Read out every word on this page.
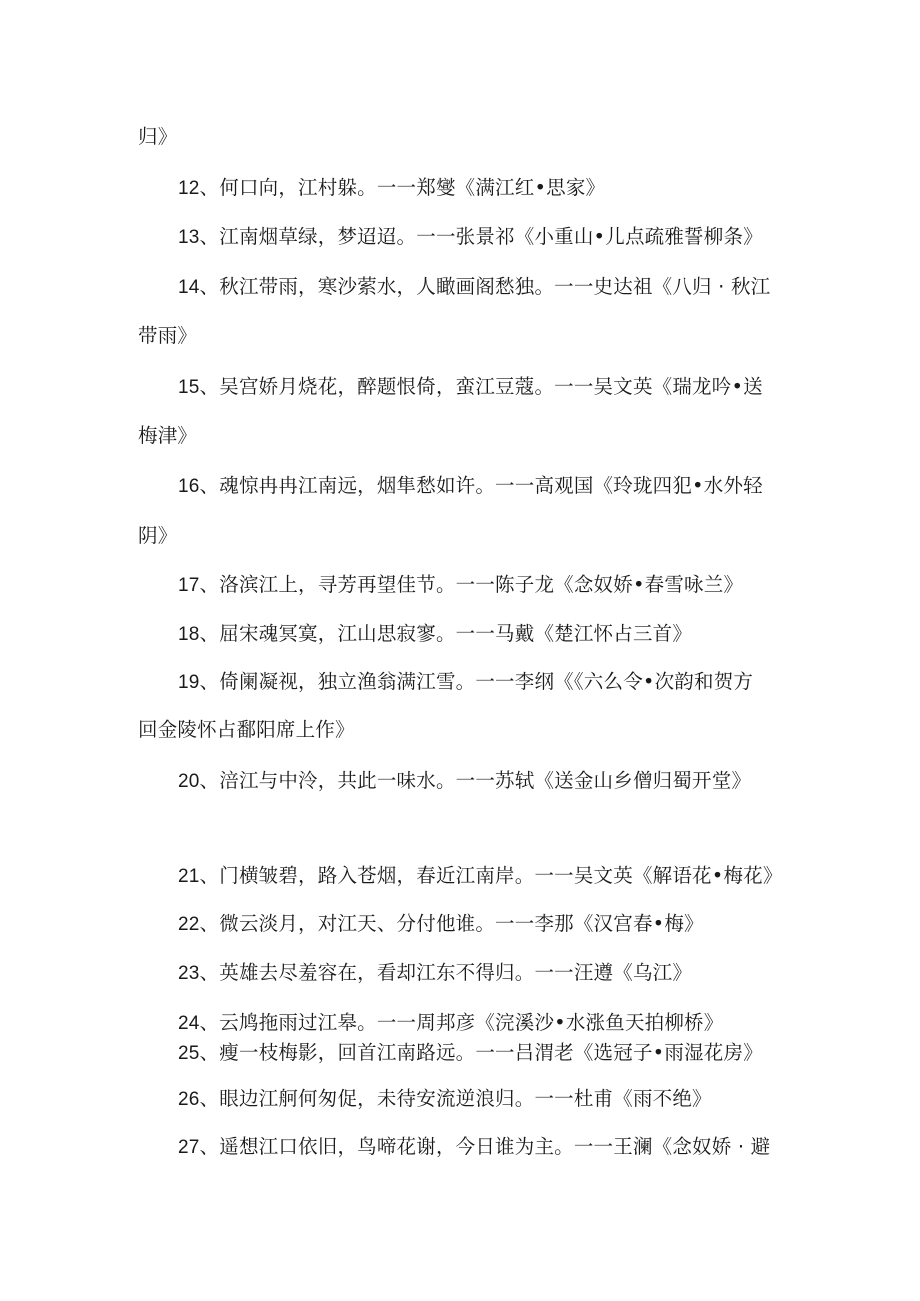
归》
12、何口向，江村躲。一一郑燮《满江红•思家》
13、江南烟草绿，梦迢迢。一一张景祁《小重山•儿点疏雅誓柳条》
14、秋江带雨，寒沙萦水，人瞰画阁愁独。一一史达祖《八归 · 秋江
带雨》
15、吴宫娇月烧花，醉题恨倚，蛮江豆蔻。一一吴文英《瑞龙吟•送
梅津》
16、魂惊冉冉江南远，烟隼愁如许。一一高观国《玲珑四犯•水外轻
阴》
17、洛滨江上，寻芳再望佳节。一一陈子龙《念奴娇•春雪咏兰》
18、屈宋魂冥寞，江山思寂寥。一一马戴《楚江怀占三首》
19、倚阑凝视，独立渔翁满江雪。一一李纲《《六么令•次韵和贺方
回金陵怀占鄱阳席上作》
20、涪江与中泠，共此一味水。一一苏轼《送金山乡僧归蜀开堂》
21、门横皱碧，路入苍烟，春近江南岸。一一吴文英《解语花•梅花》
22、微云淡月，对江天、分付他谁。一一李那《汉宫春•梅》
23、英雄去尽羞容在，看却江东不得归。一一汪遵《乌江》
24、云鸠拖雨过江皋。一一周邦彦《浣溪沙•水涨鱼天拍柳桥》
25、瘦一枝梅影，回首江南路远。一一吕渭老《选冠子•雨湿花房》
26、眼边江舸何匆促，未待安流逆浪归。一一杜甫《雨不绝》
27、遥想江口依旧，鸟啼花谢，今日谁为主。一一王澜《念奴娇 · 避
